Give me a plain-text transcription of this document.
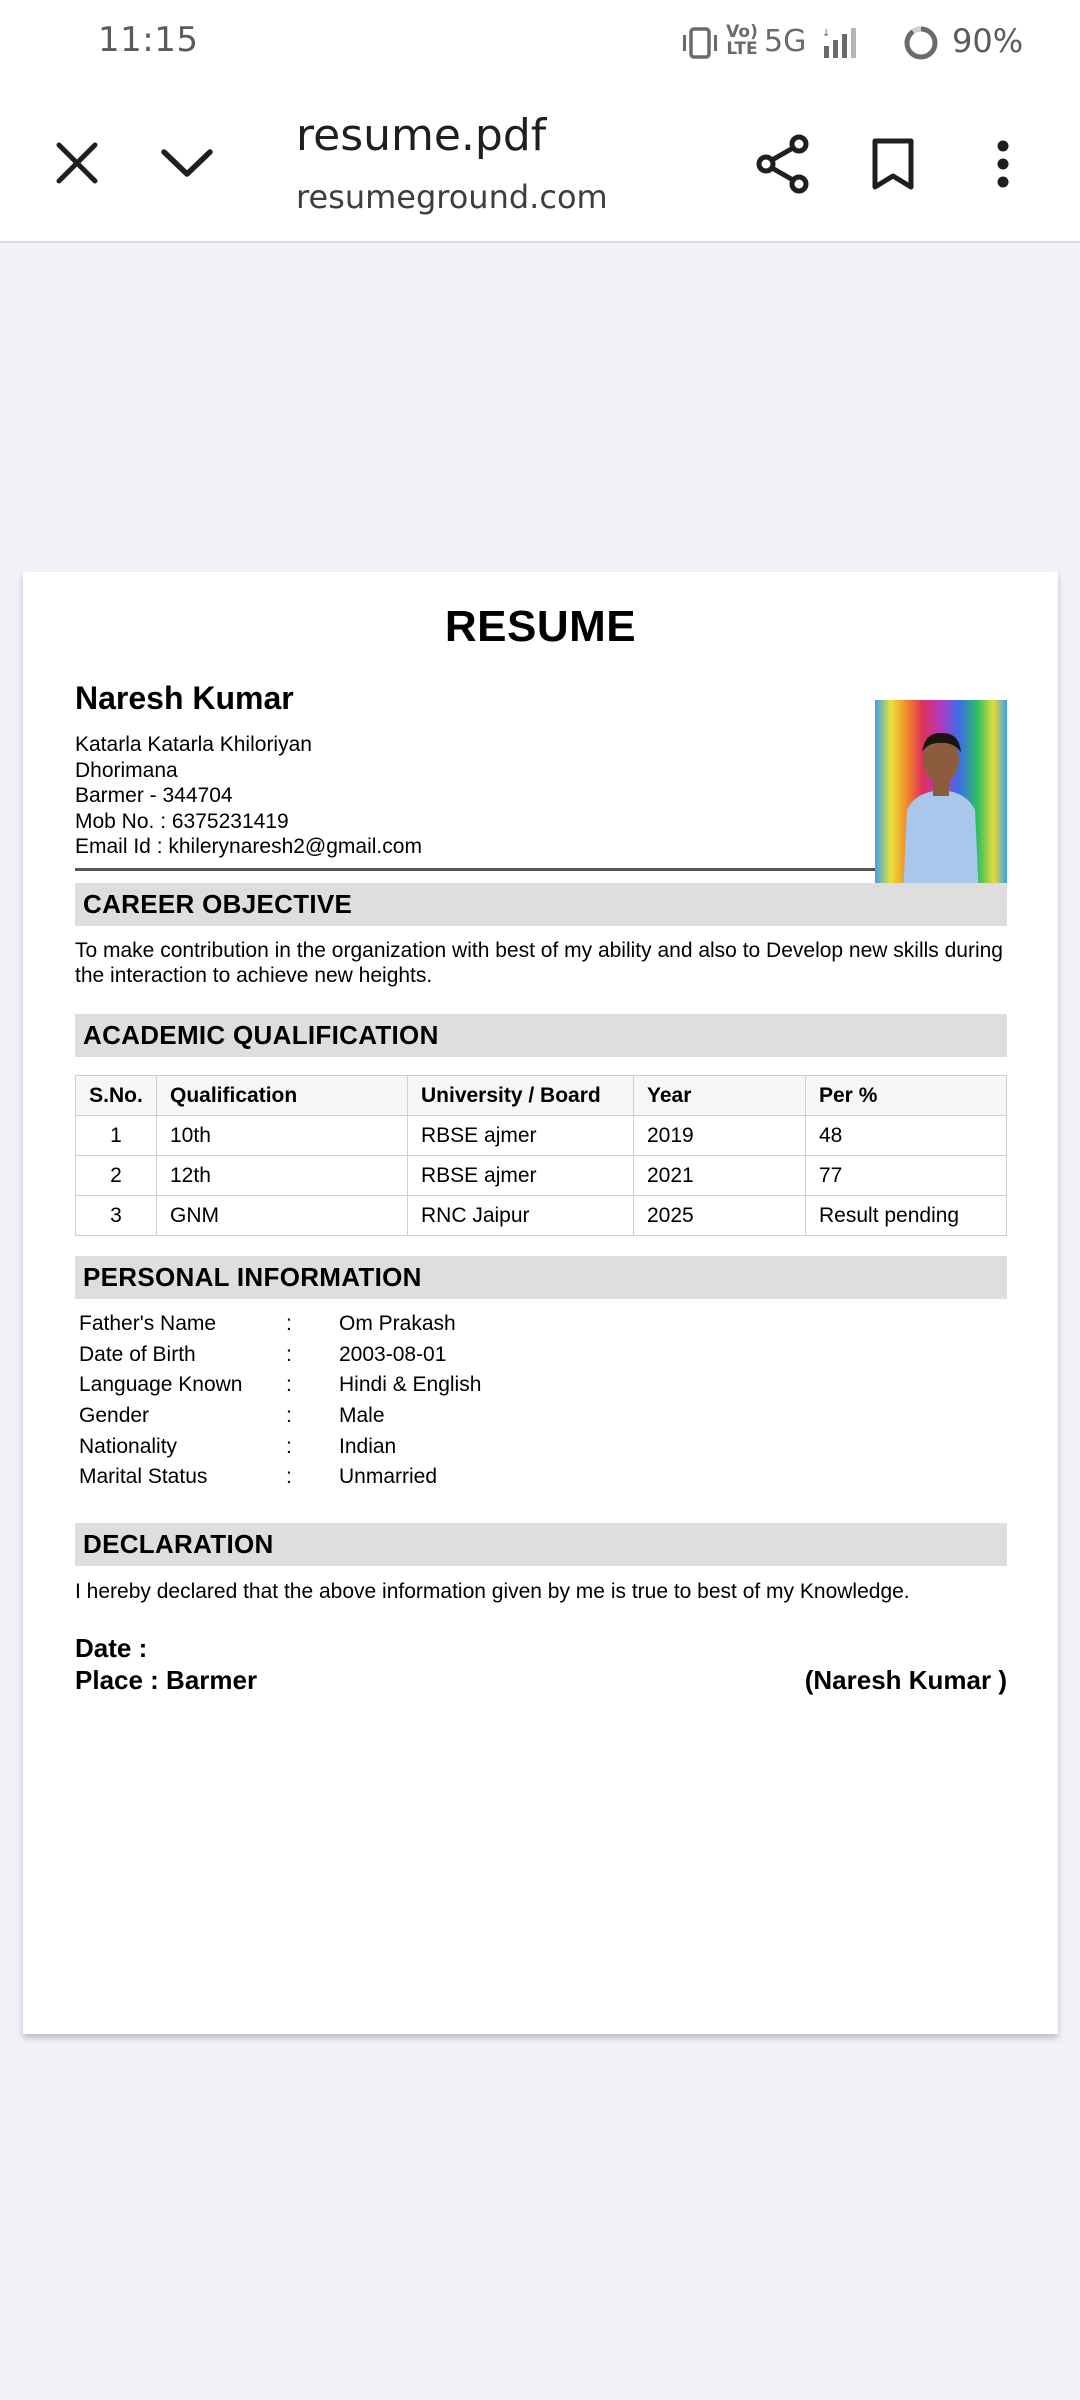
11:15	Vo)
LTE 5G ↓	90%
resume.pdf
resumeground.com
RESUME
Naresh Kumar
Katarla Katarla Khiloriyan
Dhorimana
Barmer - 344704
Mob No. : 6375231419
Email Id : khilerynaresh2@gmail.com
CAREER OBJECTIVE
To make contribution in the organization with best of my ability and also to Develop new skills during the interaction to achieve new heights.
ACADEMIC QUALIFICATION
S.No.	Qualification	University / Board	Year	Per %
1	10th	RBSE ajmer	2019	48
2	12th	RBSE ajmer	2021	77
3	GNM	RNC Jaipur	2025	Result pending
PERSONAL INFORMATION
Father's Name	: Om Prakash
Date of Birth	: 2003-08-01
Language Known : Hindi & English
Gender	: Male
Nationality	: Indian
Marital Status	: Unmarried
DECLARATION
I hereby declared that the above information given by me is true to best of my Knowledge.
Date :
Place : Barmer	(Naresh Kumar )
